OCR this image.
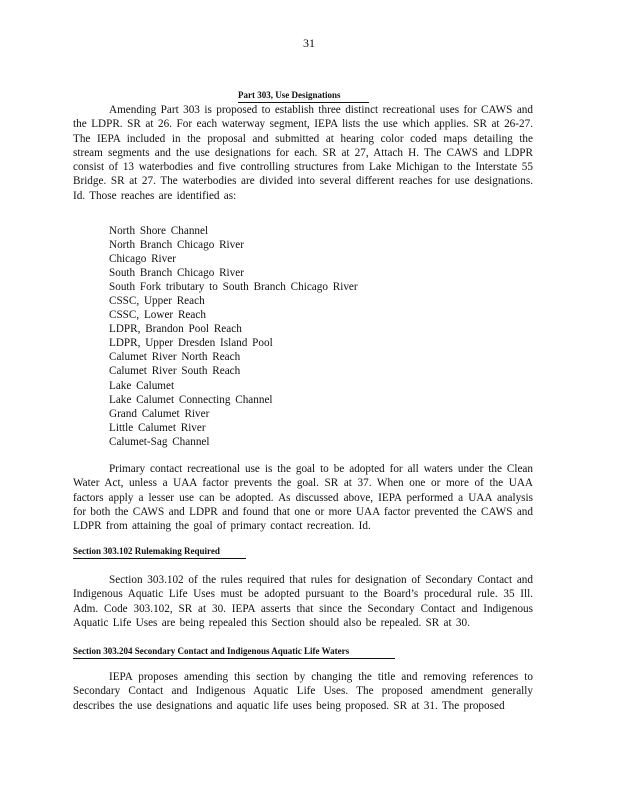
31
Part 303, Use Designations

Amending Part 303 is proposed to establish three distinct recreational uses for CAWS and the LDPR. SR at 26. For each waterway segment, IEPA lists the use which applies. SR at 26-27. The IEPA included in the proposal and submitted at hearing color coded maps detailing the stream segments and the use designations for each. SR at 27, Attach H. The CAWS and LDPR consist of 13 waterbodies and five controlling structures from Lake Michigan to the Interstate 55 Bridge. SR at 27. The waterbodies are divided into several different reaches for use designations. Id. Those reaches are identified as:

North Shore Channel
North Branch Chicago River
Chicago River
South Branch Chicago River
South Fork tributary to South Branch Chicago River
CSSC, Upper Reach
CSSC, Lower Reach
LDPR, Brandon Pool Reach
LDPR, Upper Dresden Island Pool
Calumet River North Reach
Calumet River South Reach
Lake Calumet
Lake Calumet Connecting Channel
Grand Calumet River
Little Calumet River
Calumet-Sag Channel

Primary contact recreational use is the goal to be adopted for all waters under the Clean Water Act, unless a UAA factor prevents the goal. SR at 37. When one or more of the UAA factors apply a lesser use can be adopted. As discussed above, IEPA performed a UAA analysis for both the CAWS and LDPR and found that one or more UAA factor prevented the CAWS and LDPR from attaining the goal of primary contact recreation. Id.

Section 303.102 Rulemaking Required

Section 303.102 of the rules required that rules for designation of Secondary Contact and Indigenous Aquatic Life Uses must be adopted pursuant to the Board’s procedural rule. 35 Ill. Adm. Code 303.102, SR at 30. IEPA asserts that since the Secondary Contact and Indigenous Aquatic Life Uses are being repealed this Section should also be repealed. SR at 30.

Section 303.204 Secondary Contact and Indigenous Aquatic Life Waters

IEPA proposes amending this section by changing the title and removing references to Secondary Contact and Indigenous Aquatic Life Uses. The proposed amendment generally describes the use designations and aquatic life uses being proposed. SR at 31. The proposed
